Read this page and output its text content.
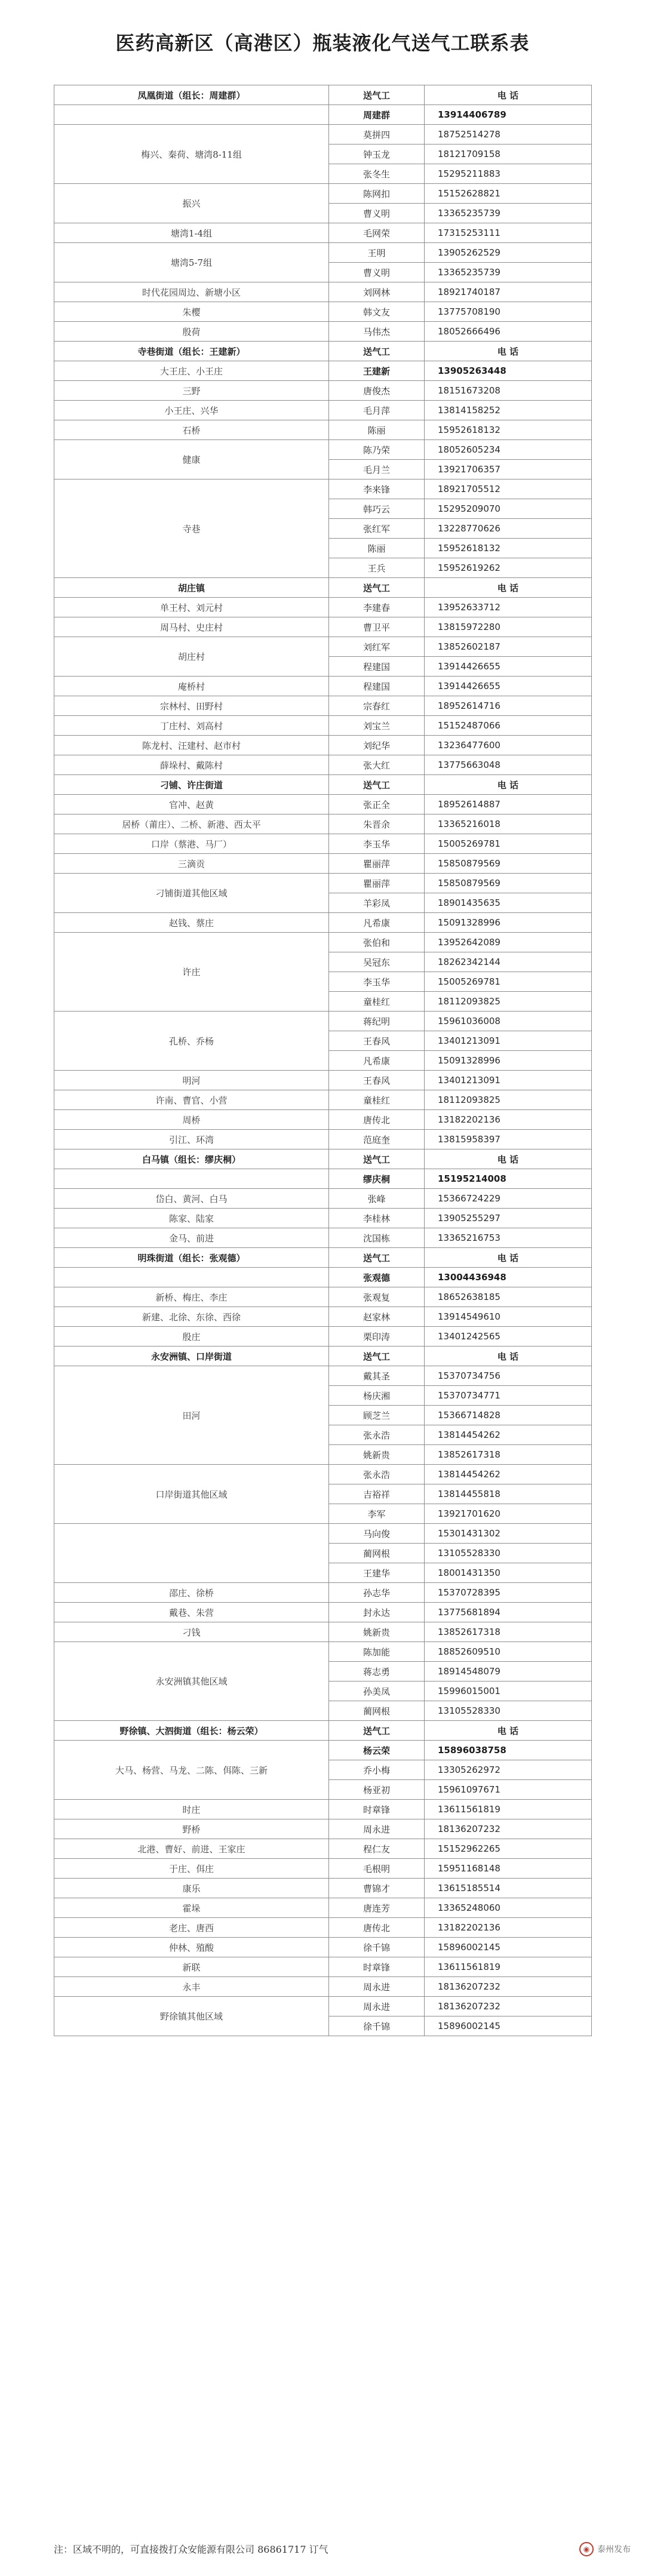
医药高新区（高港区）瓶装液化气送气工联系表
凤凰街道（组长：周建群）	送气工	电 话
	周建群	13914406789
梅兴、秦荷、塘湾8-11组	莫拼四	18752514278
	钟玉龙	18121709158
	张冬生	15295211883
振兴	陈网扣	15152628821
	曹义明	13365235739
塘湾1-4组	毛网荣	17315253111
塘湾5-7组	王明	13905262529
	曹义明	13365235739
时代花园周边、新塘小区	刘网林	18921740187
朱樱	韩文友	13775708190
殷荷	马伟杰	18052666496
寺巷街道（组长：王建新）	送气工	电 话
大王庄、小王庄	王建新	13905263448
三野	唐俊杰	18151673208
小王庄、兴华	毛月萍	13814158252
石桥	陈丽	15952618132
健康	陈乃荣	18052605234
	毛月兰	13921706357
寺巷	李来锋	18921705512
	韩巧云	15295209070
	张红军	13228770626
	陈丽	15952618132
	王兵	15952619262
胡庄镇	送气工	电 话
单王村、刘元村	李建春	13952633712
周马村、史庄村	曹卫平	13815972280
胡庄村	刘红军	13852602187
	程建国	13914426655
庵桥村	程建国	13914426655
宗林村、田野村	宗春红	18952614716
丁庄村、刘高村	刘宝兰	15152487066
陈龙村、汪建村、赵市村	刘纪华	13236477600
薛垛村、戴陈村	张大红	13775663048
刁铺、许庄街道	送气工	电 话
官冲、赵黄	张正全	18952614887
居桥（莆庄）、二桥、新港、西太平	朱晋余	13365216018
口岸（蔡港、马厂）	李玉华	15005269781
三滴贡	瞿丽萍	15850879569
刁铺街道其他区域	瞿丽萍	15850879569
	羊彩凤	18901435635
赵钱、蔡庄	凡希康	15091328996
许庄	张伯和	13952642089
	吴冠东	18262342144
	李玉华	15005269781
	童桂红	18112093825
孔桥、乔杨	蒋纪明	15961036008
	王春风	13401213091
	凡希康	15091328996
明河	王春风	13401213091
许南、曹官、小营	童桂红	18112093825
周桥	唐传北	13182202136
引江、环湾	范庭奎	13815958397
白马镇（组长：缪庆桐）	送气工	电 话
	缪庆桐	15195214008
岱白、黄河、白马	张峰	15366724229
陈家、陆家	李桂林	13905255297
金马、前进	沈国栋	13365216753
明珠街道（组长：张观德）	送气工	电 话
	张观德	13004436948
新桥、梅庄、李庄	张观复	18652638185
新建、北徐、东徐、西徐	赵家林	13914549610
殷庄	栗印涛	13401242565
永安洲镇、口岸街道	送气工	电 话
田河	戴其圣	15370734756
	杨庆湘	15370734771
	顾芝兰	15366714828
	张永浩	13814454262
	姚新贵	13852617318
口岸街道其他区域	张永浩	13814454262
	吉裕祥	13814455818
	李军	13921701620
	马向俊	15301431302
	蔺网根	13105528330
	王建华	18001431350
邵庄、徐桥	孙志华	15370728395
戴巷、朱营	封永达	13775681894
刁钱	姚新贵	13852617318
永安洲镇其他区域	陈加能	18852609510
	蒋志勇	18914548079
	孙美凤	15996015001
	蔺网根	13105528330
野徐镇、大泗街道（组长：杨云荣）	送气工	电 话
大马、杨营、马龙、二陈、佴陈、三新	杨云荣	15896038758
	乔小梅	13305262972
	杨亚初	15961097671
时庄	时章锋	13611561819
野桥	周永进	18136207232
北港、曹好、前进、王家庄	程仁友	15152962265
于庄、佴庄	毛根明	15951168148
康乐	曹锦才	13615185514
霍垛	唐连芳	13365248060
老庄、唐西	唐传北	13182202136
仲林、殖酸	徐千锦	15896002145
新联	时章锋	13611561819
永丰	周永进	18136207232
野徐镇其他区域	周永进	18136207232
	徐千锦	15896002145
注：区域不明的，可直接拨打众安能源有限公司 86861717 订气	◉ 泰州发布
